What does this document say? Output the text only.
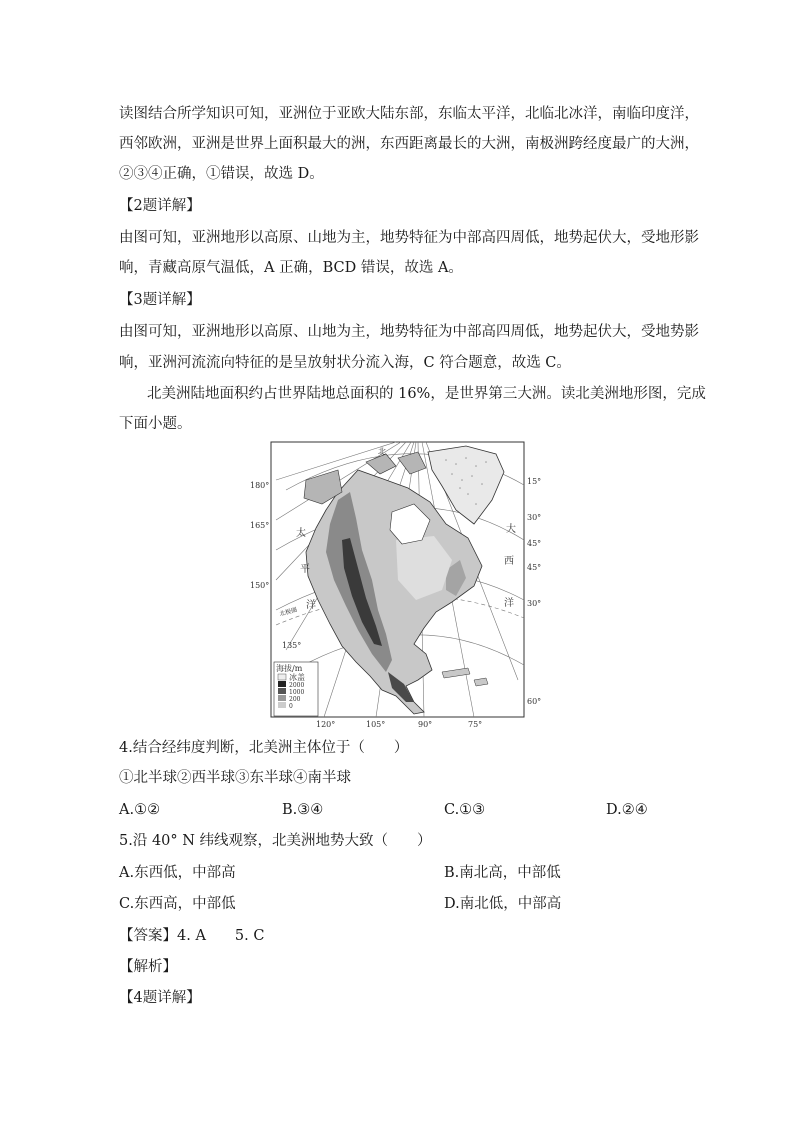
读图结合所学知识可知，亚洲位于亚欧大陆东部，东临太平洋，北临北冰洋，南临印度洋，
西邻欧洲，亚洲是世界上面积最大的洲，东西距离最长的大洲，南极洲跨经度最广的大洲，
②③④正确，①错误，故选 D。
【2题详解】
由图可知，亚洲地形以高原、山地为主，地势特征为中部高四周低，地势起伏大，受地形影
响，青藏高原气温低，A 正确，BCD 错误，故选 A。
【3题详解】
由图可知，亚洲地形以高原、山地为主，地势特征为中部高四周低，地势起伏大，受地势影
响，亚洲河流流向特征的是呈放射状分流入海，C 符合题意，故选 C。
北美洲陆地面积约占世界陆地总面积的 16%，是世界第三大洲。读北美洲地形图，完成
下面小题。
180°
165°
150°
15°
30°
45°
45°
30°
60°
120°	105°	90°	75°
135°
北
北极圈
太
平
洋
大
西
洋
海拔/m
冰盖
2000
1000
200
0
4.结合经纬度判断，北美洲主体位于（　　）
①北半球②西半球③东半球④南半球
A.①②	B.③④	C.①③	D.②④
5.沿 40° N 纬线观察，北美洲地势大致（　　）
A.东西低，中部高	B.南北高，中部低
C.东西高，中部低	D.南北低，中部高
【答案】4. A　　5. C
【解析】
【4题详解】
